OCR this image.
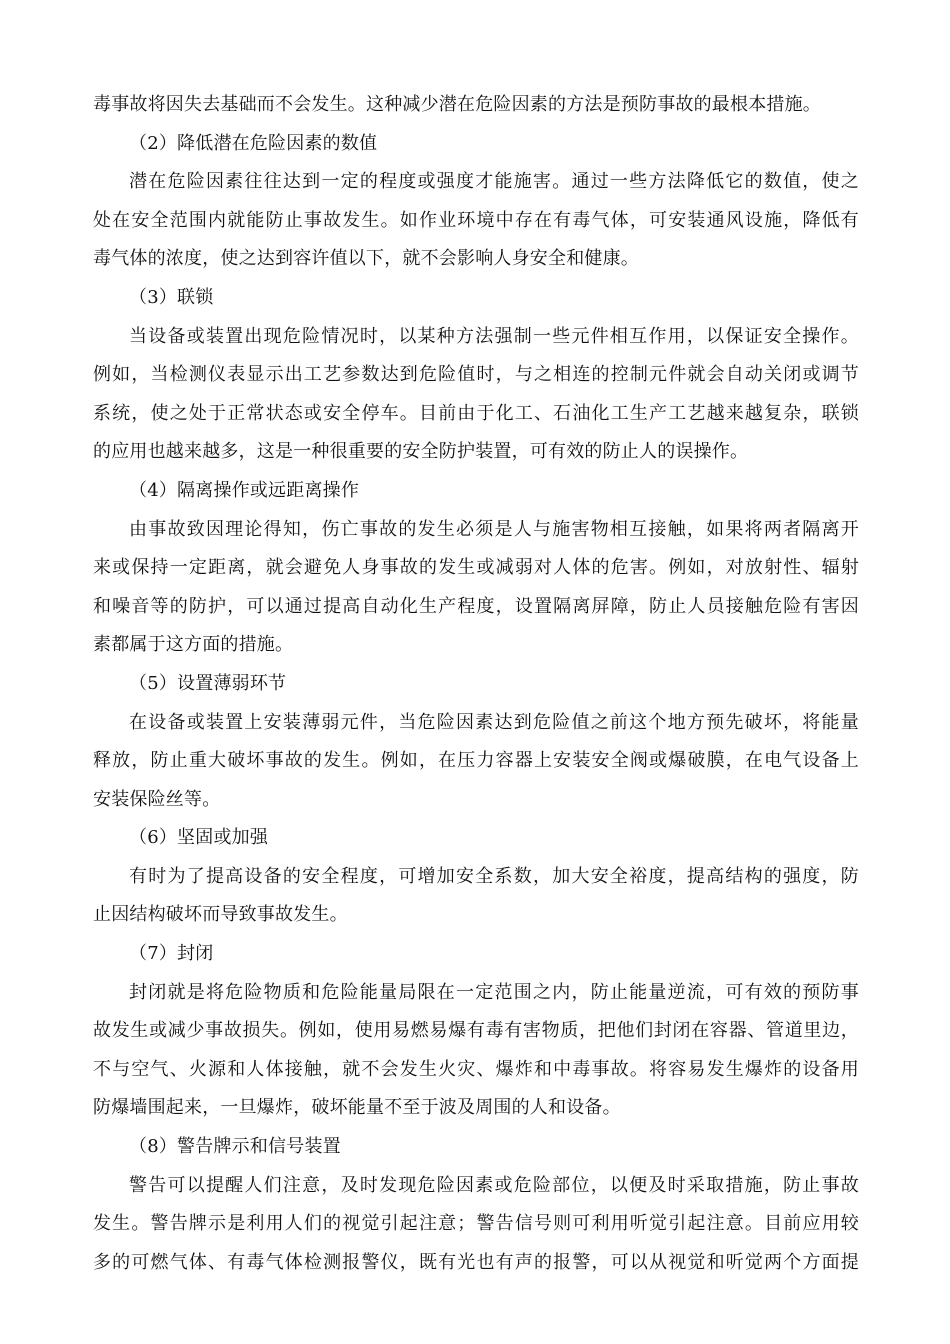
毒事故将因失去基础而不会发生。这种减少潜在危险因素的方法是预防事故的最根本措施。
（2）降低潜在危险因素的数值
潜在危险因素往往达到一定的程度或强度才能施害。通过一些方法降低它的数值，使之
处在安全范围内就能防止事故发生。如作业环境中存在有毒气体，可安装通风设施，降低有
毒气体的浓度，使之达到容许值以下，就不会影响人身安全和健康。
（3）联锁
当设备或装置出现危险情况时，以某种方法强制一些元件相互作用，以保证安全操作。
例如，当检测仪表显示出工艺参数达到危险值时，与之相连的控制元件就会自动关闭或调节
系统，使之处于正常状态或安全停车。目前由于化工、石油化工生产工艺越来越复杂，联锁
的应用也越来越多，这是一种很重要的安全防护装置，可有效的防止人的误操作。
（4）隔离操作或远距离操作
由事故致因理论得知，伤亡事故的发生必须是人与施害物相互接触，如果将两者隔离开
来或保持一定距离，就会避免人身事故的发生或减弱对人体的危害。例如，对放射性、辐射
和噪音等的防护，可以通过提高自动化生产程度，设置隔离屏障，防止人员接触危险有害因
素都属于这方面的措施。
（5）设置薄弱环节
在设备或装置上安装薄弱元件，当危险因素达到危险值之前这个地方预先破坏，将能量
释放，防止重大破坏事故的发生。例如，在压力容器上安装安全阀或爆破膜，在电气设备上
安装保险丝等。
（6）坚固或加强
有时为了提高设备的安全程度，可增加安全系数，加大安全裕度，提高结构的强度，防
止因结构破坏而导致事故发生。
（7）封闭
封闭就是将危险物质和危险能量局限在一定范围之内，防止能量逆流，可有效的预防事
故发生或减少事故损失。例如，使用易燃易爆有毒有害物质，把他们封闭在容器、管道里边，
不与空气、火源和人体接触，就不会发生火灾、爆炸和中毒事故。将容易发生爆炸的设备用
防爆墙围起来，一旦爆炸，破坏能量不至于波及周围的人和设备。
（8）警告牌示和信号装置
警告可以提醒人们注意，及时发现危险因素或危险部位，以便及时采取措施，防止事故
发生。警告牌示是利用人们的视觉引起注意；警告信号则可利用听觉引起注意。目前应用较
多的可燃气体、有毒气体检测报警仪，既有光也有声的报警，可以从视觉和听觉两个方面提
